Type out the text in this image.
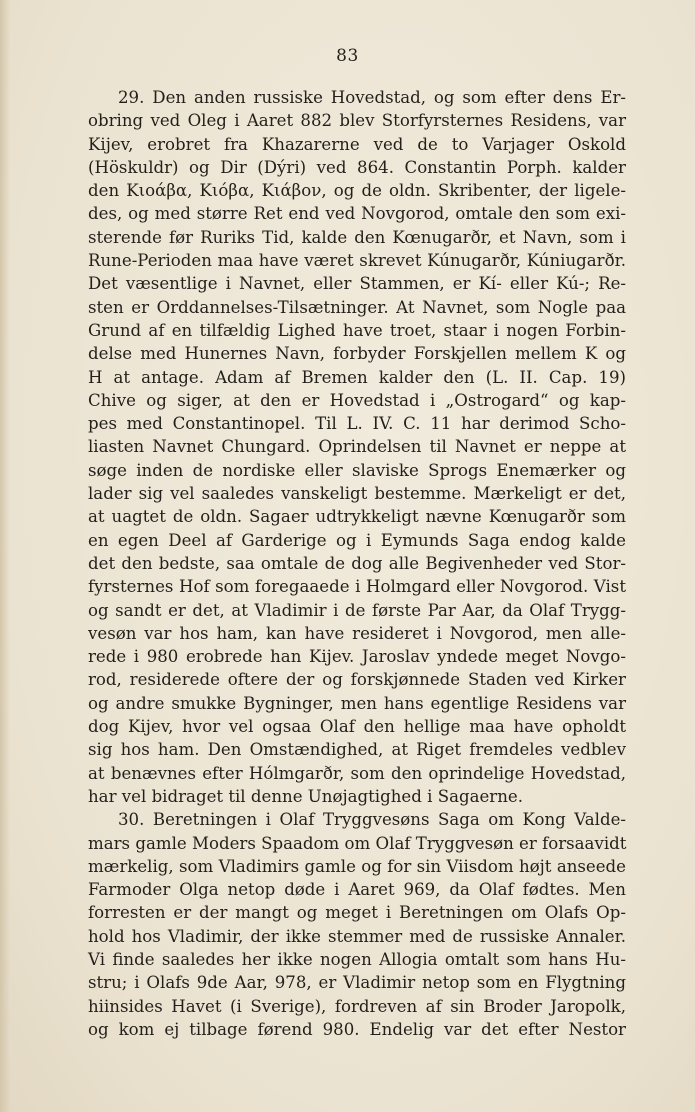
83
29. Den anden russiske Hovedstad, og som efter dens Er-
obring ved Oleg i Aaret 882 blev Storfyrsternes Residens, var
Kijev, erobret fra Khazarerne ved de to Varjager Oskold
(Höskuldr) og Dir (Dýri) ved 864. Constantin Porph. kalder
den Κιοάβα, Κιόβα, Κιάβον, og de oldn. Skribenter, der ligele-
des, og med større Ret end ved Novgorod, omtale den som exi-
sterende før Ruriks Tid, kalde den Kœnugarðr, et Navn, som i
Rune-Perioden maa have været skrevet Kúnugarðr, Kúniugarðr.
Det væsentlige i Navnet, eller Stammen, er Kí- eller Kú-; Re-
sten er Orddannelses-Tilsætninger. At Navnet, som Nogle paa
Grund af en tilfældig Lighed have troet, staar i nogen Forbin-
delse med Hunernes Navn, forbyder Forskjellen mellem K og
H at antage. Adam af Bremen kalder den (L. II. Cap. 19)
Chive og siger, at den er Hovedstad i „Ostrogard“ og kap-
pes med Constantinopel. Til L. IV. C. 11 har derimod Scho-
liasten Navnet Chungard. Oprindelsen til Navnet er neppe at
søge inden de nordiske eller slaviske Sprogs Enemærker og
lader sig vel saaledes vanskeligt bestemme. Mærkeligt er det,
at uagtet de oldn. Sagaer udtrykkeligt nævne Kœnugarðr som
en egen Deel af Garderige og i Eymunds Saga endog kalde
det den bedste, saa omtale de dog alle Begivenheder ved Stor-
fyrsternes Hof som foregaaede i Holmgard eller Novgorod. Vist
og sandt er det, at Vladimir i de første Par Aar, da Olaf Trygg-
vesøn var hos ham, kan have resideret i Novgorod, men alle-
rede i 980 erobrede han Kijev. Jaroslav yndede meget Novgo-
rod, residerede oftere der og forskjønnede Staden ved Kirker
og andre smukke Bygninger, men hans egentlige Residens var
dog Kijev, hvor vel ogsaa Olaf den hellige maa have opholdt
sig hos ham. Den Omstændighed, at Riget fremdeles vedblev
at benævnes efter Hólmgarðr, som den oprindelige Hovedstad,
har vel bidraget til denne Unøjagtighed i Sagaerne.
30. Beretningen i Olaf Tryggvesøns Saga om Kong Valde-
mars gamle Moders Spaadom om Olaf Tryggvesøn er forsaavidt
mærkelig, som Vladimirs gamle og for sin Viisdom højt anseede
Farmoder Olga netop døde i Aaret 969, da Olaf fødtes. Men
forresten er der mangt og meget i Beretningen om Olafs Op-
hold hos Vladimir, der ikke stemmer med de russiske Annaler.
Vi finde saaledes her ikke nogen Allogia omtalt som hans Hu-
stru; i Olafs 9de Aar, 978, er Vladimir netop som en Flygtning
hiinsides Havet (i Sverige), fordreven af sin Broder Jaropolk,
og kom ej tilbage førend 980. Endelig var det efter Nestor
